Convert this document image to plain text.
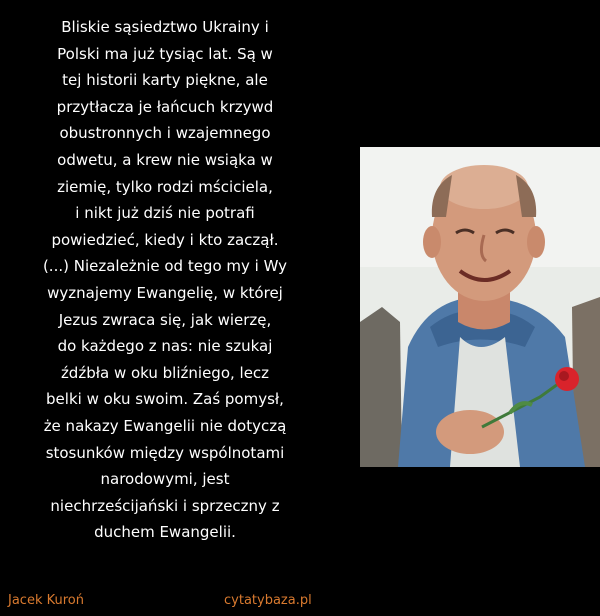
Bliskie sąsiedztwo Ukrainy i
Polski ma już tysiąc lat. Są w
tej historii karty piękne, ale
przytłacza je łańcuch krzywd
obustronnych i wzajemnego
odwetu, a krew nie wsiąka w
ziemię, tylko rodzi mściciela,
i nikt już dziś nie potrafi
powiedzieć, kiedy i kto zaczął.
(...) Niezależnie od tego my i Wy
wyznajemy Ewangelię, w której
Jezus zwraca się, jak wierzę,
do każdego z nas: nie szukaj
źdźbła w oku bliźniego, lecz
belki w oku swoim. Zaś pomysł,
że nakazy Ewangelii nie dotyczą
stosunków między wspólnotami
narodowymi, jest
niechrześcijański i sprzeczny z
duchem Ewangelii.

Jacek Kuroń	cytatybaza.pl
